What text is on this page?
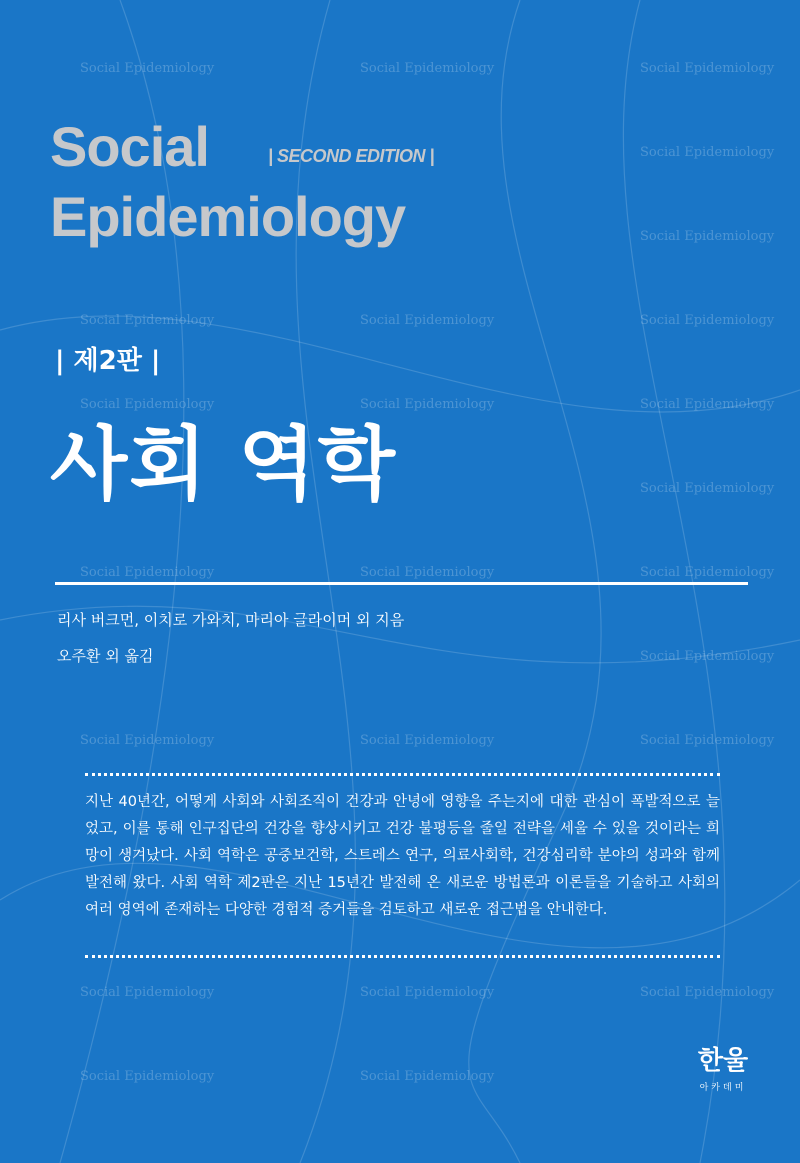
Social Epidemiology	Social Epidemiology	Social Epidemiology
Social Epidemiology
Social Epidemiology
Social Epidemiology	Social Epidemiology	Social Epidemiology
Social Epidemiology	Social Epidemiology	Social Epidemiology
Social Epidemiology
Social Epidemiology	Social Epidemiology	Social Epidemiology
Social Epidemiology
Social Epidemiology	Social Epidemiology	Social Epidemiology
Social Epidemiology	Social Epidemiology	Social Epidemiology
Social Epidemiology	Social Epidemiology
Social
Epidemiology
| SECOND EDITION |
| 제2판 |
사회 역학
리사 버크먼, 이치로 가와치, 마리아 글라이머 외 지음
오주환 외 옮김

지난 40년간, 어떻게 사회와 사회조직이 건강과 안녕에 영향을 주는지에 대한 관심이 폭발적으로 늘었고, 이를 통해 인구집단의 건강을 향상시키고 건강 불평등을 줄일 전략을 세울 수 있을 것이라는 희망이 생겨났다. 사회 역학은 공중보건학, 스트레스 연구, 의료사회학, 건강심리학 분야의 성과와 함께 발전해 왔다. 사회 역학 제2판은 지난 15년간 발전해 온 새로운 방법론과 이론들을 기술하고 사회의 여러 영역에 존재하는 다양한 경험적 증거들을 검토하고 새로운 접근법을 안내한다.

한울
아카데미
